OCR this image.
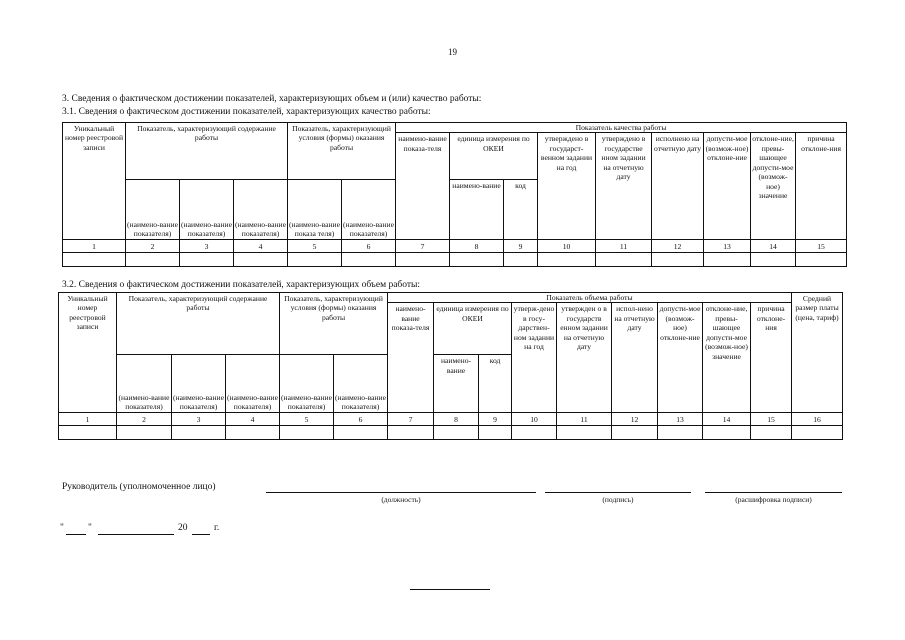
19
3. Сведения о фактическом достижении показателей, характеризующих объем и (или) качество работы:
3.1. Сведения о фактическом достижении показателей, характеризующих качество работы:
Уникальный номер реестровой записи	Показатель, характеризующий содержание работы			Показатель, характеризующий условия (формы) оказания работы		Показатель качества работы								
						наимено-вание показа-теля	единица измерения по ОКЕИ		утверждено в государст-венном задании на год	утверждено в государстве нном задании на отчетную дату	исполнено на отчетную дату	допусти-мое (возмож-ное) отклоне-ние	отклоне-ние, превы-шающее допусти-мое (возмож-ное) значение	причина отклоне-ния
	(наимено-вание показателя)	(наимено-вание показателя)	(наимено-вание показателя)	(наимено-вание показа теля)	(наимено-вание показателя)		наимено-вание	код						
1	2	3	4	5	6	7	8	9	10	11	12	13	14	15

3.2. Сведения о фактическом достижении показателей, характеризующих объем работы:
Уникальный номер реестровой записи	Показатель, характеризующий содержание работы			Показатель, характеризующий условия (формы) оказания работы		Показатель объема работы									Средний размер платы (цена, тариф)
						наимено-вание показа-теля	единица измерения по ОКЕИ		утверж-дено в госу-дарствен-ном задании на год	утвержден о в государств енном задании на отчетную дату	испол-нено на отчетную дату	допусти-мое (возмож-ное) отклоне-ние	отклоне-ние, превы-шающее допусти-мое (возмож-ное) значение	причина отклоне-ния	
	(наимено-вание показателя)	(наимено-вание показателя)	(наимено-вание показателя)	(наимено-вание показателя)	(наимено-вание показателя)		наимено-вание	код							
1	2	3	4	5	6	7	8	9	10	11	12	13	14	15	16

Руководитель (уполномоченное лицо)
(должность)	(подпись)	(расшифровка подписи)
"	"	20	г.
